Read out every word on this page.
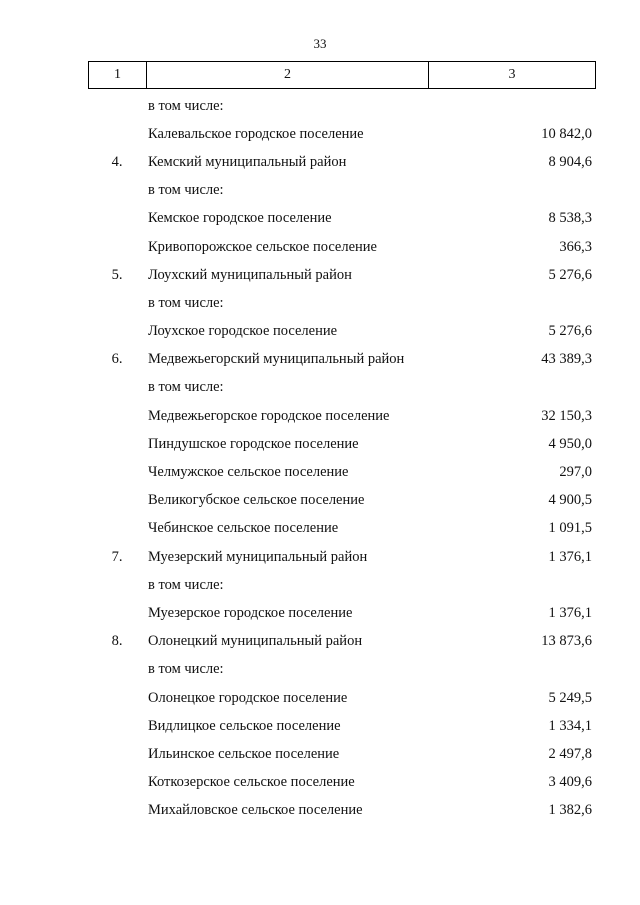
33
1	2	3
в том числе:
Калевальское городское поселение	10 842,0
4.	Кемский муниципальный район	8 904,6
в том числе:
Кемское городское поселение	8 538,3
Кривопорожское сельское поселение	366,3
5.	Лоухский муниципальный район	5 276,6
в том числе:
Лоухское городское поселение	5 276,6
6.	Медвежьегорский муниципальный район	43 389,3
в том числе:
Медвежьегорское городское поселение	32 150,3
Пиндушское городское поселение	4 950,0
Челмужское сельское поселение	297,0
Великогубское сельское поселение	4 900,5
Чебинское сельское поселение	1 091,5
7.	Муезерский муниципальный район	1 376,1
в том числе:
Муезерское городское поселение	1 376,1
8.	Олонецкий муниципальный район	13 873,6
в том числе:
Олонецкое городское поселение	5 249,5
Видлицкое сельское поселение	1 334,1
Ильинское сельское поселение	2 497,8
Коткозерское сельское поселение	3 409,6
Михайловское сельское поселение	1 382,6
